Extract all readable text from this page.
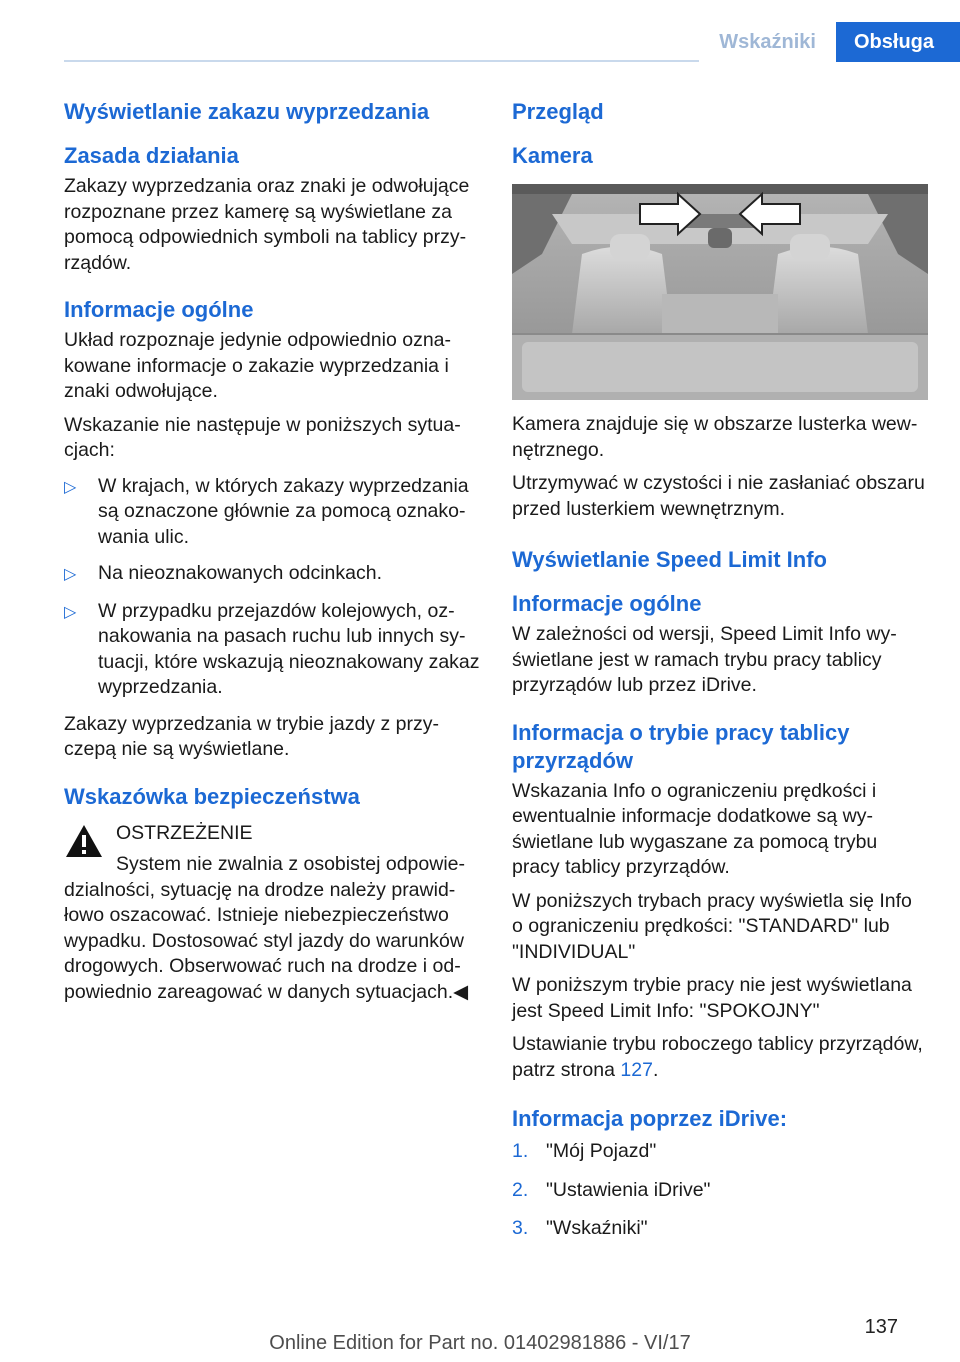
Wskaźniki	Obsługa
Wyświetlanie zakazu wyprzedzania
Zasada działania

Zakazy wyprzedzania oraz znaki je odwołujące rozpoznane przez kamerę są wyświetlane za pomocą odpowiednich symboli na tablicy przyrządów.

Informacje ogólne

Układ rozpoznaje jedynie odpowiednio oznakowane informacje o zakazie wyprzedzania i znaki odwołujące.

Wskazanie nie następuje w poniższych sytuacjach:

▷	W krajach, w których zakazy wyprzedzania są oznaczone głównie za pomocą oznakowania ulic.
▷	Na nieoznakowanych odcinkach.
▷	W przypadku przejazdów kolejowych, oznakowania na pasach ruchu lub innych sytuacji, które wskazują nieoznakowany zakaz wyprzedzania.

Zakazy wyprzedzania w trybie jazdy z przyczepą nie są wyświetlane.

Wskazówka bezpieczeństwa
OSTRZEŻENIE

System nie zwalnia z osobistej odpowiedzialności, sytuację na drodze należy prawidłowo oszacować. Istnieje niebezpieczeństwo wypadku. Dostosować styl jazdy do warunków drogowych. Obserwować ruch na drodze i odpowiednio zareagować w danych sytuacjach.◀

Przegląd
Kamera

Kamera znajduje się w obszarze lusterka wewnętrznego.

Utrzymywać w czystości i nie zasłaniać obszaru przed lusterkiem wewnętrznym.

Wyświetlanie Speed Limit Info
Informacje ogólne

W zależności od wersji, Speed Limit Info wyświetlane jest w ramach trybu pracy tablicy przyrządów lub przez iDrive.

Informacja o trybie pracy tablicy przyrządów

Wskazania Info o ograniczeniu prędkości i ewentualnie informacje dodatkowe są wyświetlane lub wygaszane za pomocą trybu pracy tablicy przyrządów.

W poniższych trybach pracy wyświetla się Info o ograniczeniu prędkości: "STANDARD" lub "INDIVIDUAL"

W poniższym trybie pracy nie jest wyświetlana jest Speed Limit Info: "SPOKOJNY"

Ustawianie trybu roboczego tablicy przyrządów, patrz strona 127.

Informacja poprzez iDrive:
1. "Mój Pojazd"
2. "Ustawienia iDrive"
3. "Wskaźniki"
137
Online Edition for Part no. 01402981886 - VI/17
